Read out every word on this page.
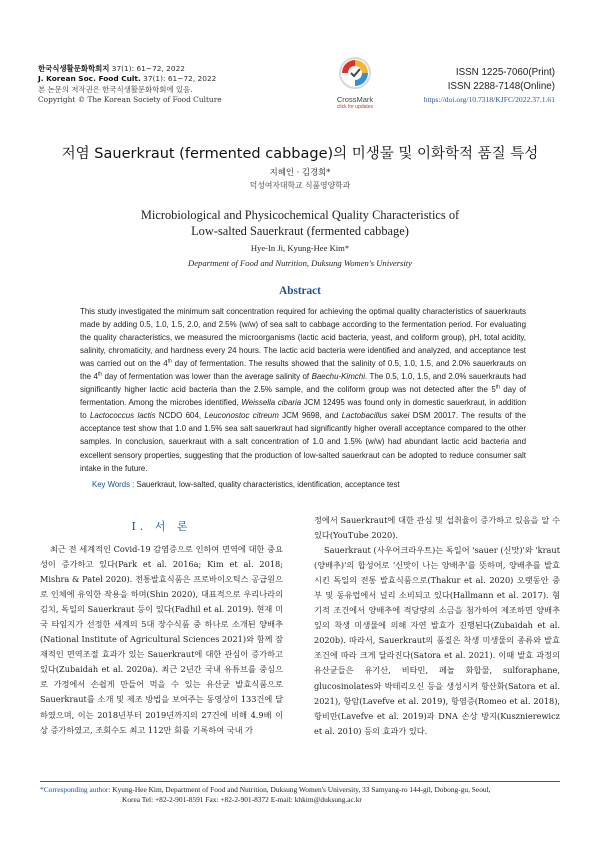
한국식생활문화학회지 37(1): 61~72, 2022
J. Korean Soc. Food Cult. 37(1): 61~72, 2022
본 논문의 저작권은 한국식생활문화학회에 있음.
Copyright © The Korean Society of Food Culture	CrossMark
click for updates
ISSN 1225-7060(Print)
ISSN 2288-7148(Online)
https://doi.org/10.7318/KJFC/2022.37.1.61
저염 Sauerkraut (fermented cabbage)의 미생물 및 이화학적 품질 특성
지혜인 · 김경희*
덕성여자대학교 식품영양학과
Microbiological and Physicochemical Quality Characteristics of
Low-salted Sauerkraut (fermented cabbage)
Hye-In Ji, Kyung-Hee Kim*
Department of Food and Nutrition, Duksung Women's University
Abstract
This study investigated the minimum salt concentration required for achieving the optimal quality characteristics of sauerkrauts made by adding 0.5, 1.0, 1.5, 2.0, and 2.5% (w/w) of sea salt to cabbage according to the fermentation period. For evaluating the quality characteristics, we measured the microorganisms (lactic acid bacteria, yeast, and coliform group), pH, total acidity, salinity, chromaticity, and hardness every 24 hours. The lactic acid bacteria were identified and analyzed, and acceptance test was carried out on the 4th day of fermentation. The results showed that the salinity of 0.5, 1.0, 1.5, and 2.0% sauerkrauts on the 4th day of fermentation was lower than the average salinity of Baechu-Kimchi. The 0.5, 1.0, 1.5, and 2.0% sauerkrauts had significantly higher lactic acid bacteria than the 2.5% sample, and the coliform group was not detected after the 5th day of fermentation. Among the microbes identified, Weissella cibaria JCM 12495 was found only in domestic sauerkraut, in addition to Lactococcus lactis NCDO 604, Leuconostoc citreum JCM 9698, and Lactobacillus sakei DSM 20017. The results of the acceptance test show that 1.0 and 1.5% sea salt sauerkraut had significantly higher overall acceptance compared to the other samples. In conclusion, sauerkraut with a salt concentration of 1.0 and 1.5% (w/w) had abundant lactic acid bacteria and excellent sensory properties, suggesting that the production of low-salted sauerkraut can be adopted to reduce consumer salt intake in the future.
Key Words : Sauerkraut, low-salted, quality characteristics, identification, acceptance test
Ⅰ. 서 론

최근 전 세계적인 Covid-19 감염증으로 인하여 면역에 대한 중요성이 증가하고 있다(Park et al. 2016a; Kim et al. 2018; Mishra & Patel 2020). 전통발효식품은 프로바이오틱스 공급원으로 인체에 유익한 작용을 하며(Shin 2020), 대표적으로 우리나라의 김치, 독일의 Sauerkraut 등이 있다(Fadhil et al. 2019). 현재 미국 타임지가 선정한 세계의 5대 장수식품 중 하나로 소개된 양배추(National Institute of Agricultural Sciences 2021)와 함께 잠재적인 면역조절 효과가 있는 Sauerkraut에 대한 관심이 증가하고 있다(Zubaidah et al. 2020a). 최근 2년간 국내 유튜브를 중심으로 가정에서 손쉽게 만들어 먹을 수 있는 유산균 발효식품으로 Sauerkraut를 소개 및 제조 방법을 보여주는 동영상이 133건에 달하였으며, 이는 2018년부터 2019년까지의 27건에 비해 4.9배 이상 증가하였고, 조회수도 최고 112만 회를 기록하여 국내 가

정에서 Sauerkraut에 대한 관심 및 섭취율이 증가하고 있음을 알 수 있다(YouTube 2020).

Sauerkraut (사우어크라우트)는 독일어 'sauer (신맛)'와 'kraut (양배추)'의 합성어로 '신맛이 나는 양배추'를 뜻하며, 양배추를 발효시킨 독일의 전통 발효식품으로(Thakur et al. 2020) 오랫동안 중부 및 동유럽에서 널리 소비되고 있다(Hallmann et al. 2017). 혐기적 조건에서 양배추에 적당량의 소금을 첨가하여 제조하면 양배추 잎의 착생 미생물에 의해 자연 발효가 진행된다(Zubaidah et al. 2020b). 따라서, Sauerkraut의 품질은 착생 미생물의 종류와 발효 조건에 따라 크게 달라진다(Satora et al. 2021). 이때 발효 과정의 유산균들은 유기산, 비타민, 페놀 화합물, sulforaphane, glucosinolates와 박테리오신 등을 생성시켜 항산화(Satora et al. 2021), 항암(Lavefve et al. 2019), 항염증(Romeo et al. 2018), 항비만(Lavefve et al. 2019)과 DNA 손상 방지(Kusznierewicz et al. 2010) 등의 효과가 있다.

*Corresponding author: Kyung-Hee Kim, Department of Food and Nutrition, Duksung Women's University, 33 Samyang-ro 144-gil, Dobong-gu, Seoul,
Korea Tel: +82-2-901-8591 Fax: +82-2-901-8372 E-mail: khkim@duksung.ac.kr
